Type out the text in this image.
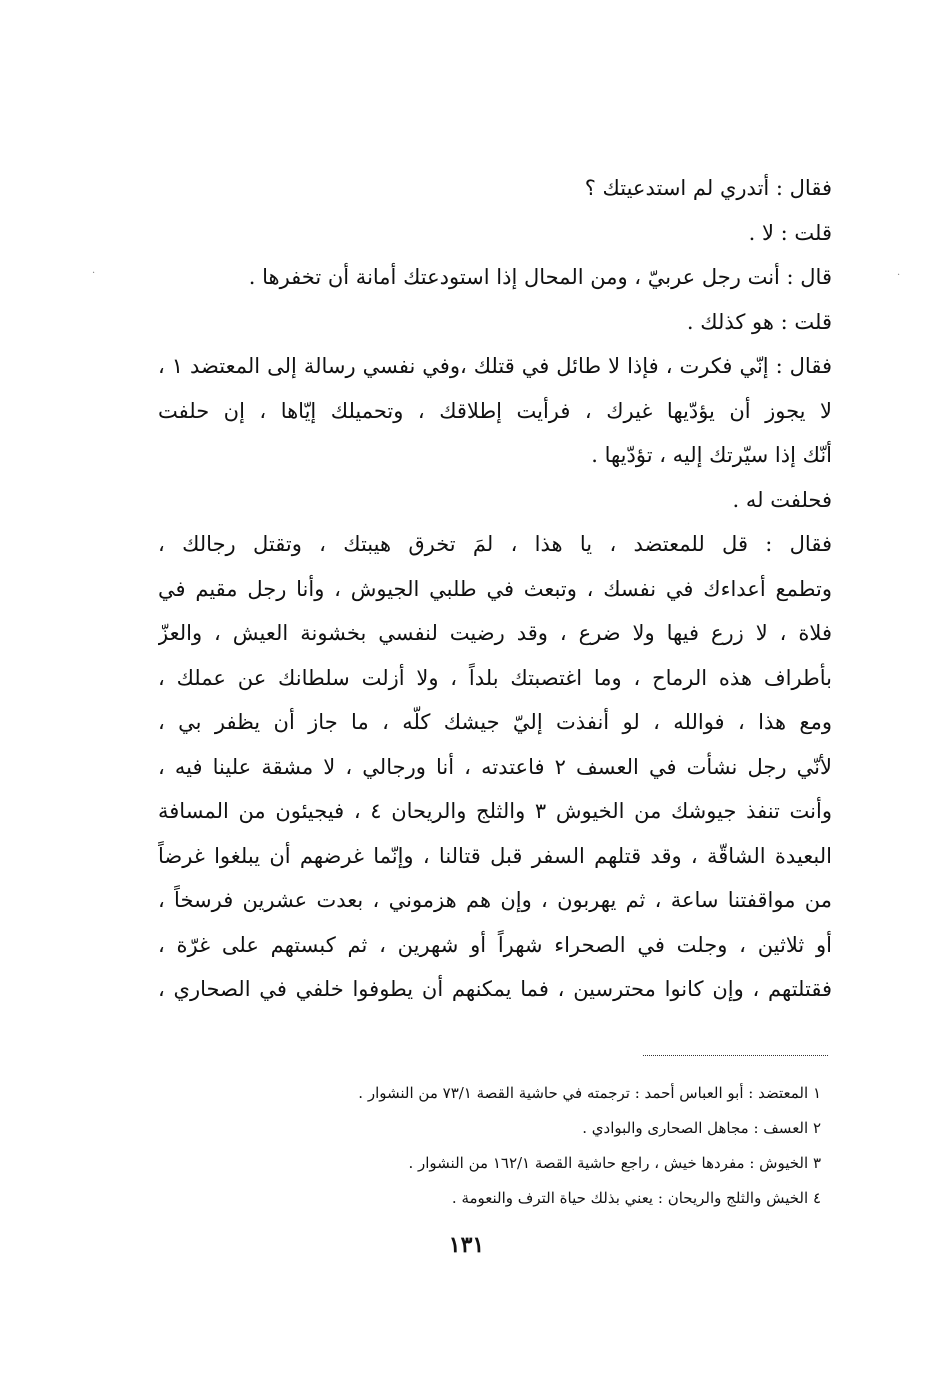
·	·
فقال : أتدري لم استدعيتك ؟
قلت : لا .
قال : أنت رجل عربيّ ، ومن المحال إذا استودعتك أمانة أن تخفرها .
قلت : هو كذلك .
فقال : إنّي فكرت ، فإذا لا طائل في قتلك ،وفي نفسي رسالة إلى المعتضد ١ ،
لا يجوز أن يؤدّيها غيرك ، فرأيت إطلاقك ، وتحميلك إيّاها ، إن حلفت
أنّك إذا سيّرتك إليه ، تؤدّيها .
فحلفت له .
فقال : قل للمعتضد ، يا هذا ، لمَ تخرق هيبتك ، وتقتل رجالك ،
وتطمع أعداءك في نفسك ، وتبعث في طلبي الجيوش ، وأنا رجل مقيم في
فلاة ، لا زرع فيها ولا ضرع ، وقد رضيت لنفسي بخشونة العيش ، والعزّ
بأطراف هذه الرماح ، وما اغتصبتك بلداً ، ولا أزلت سلطانك عن عملك ،
ومع هذا ، فوالله ، لو أنفذت إليّ جيشك كلّه ، ما جاز أن يظفر بي ،
لأنّي رجل نشأت في العسف ٢ فاعتدته ، أنا ورجالي ، لا مشقة علينا فيه ،
وأنت تنفذ جيوشك من الخيوش ٣ والثلج والريحان ٤ ، فيجيئون من المسافة
البعيدة الشاقّة ، وقد قتلهم السفر قبل قتالنا ، وإنّما غرضهم أن يبلغوا غرضاً
من مواقفتنا ساعة ، ثم يهربون ، وإن هم هزموني ، بعدت عشرين فرسخاً ،
أو ثلاثين ، وجلت في الصحراء شهراً أو شهرين ، ثم كبستهم على غرّة ،
فقتلتهم ، وإن كانوا محترسين ، فما يمكنهم أن يطوفوا خلفي في الصحاري ،
١ المعتضد : أبو العباس أحمد : ترجمته في حاشية القصة ٧٣/١ من النشوار .
٢ العسف : مجاهل الصحارى والبوادي .
٣ الخيوش : مفردها خيش ، راجع حاشية القصة ١٦٢/١ من النشوار .
٤ الخيش والثلج والريحان : يعني بذلك حياة الترف والنعومة .
١٣١
